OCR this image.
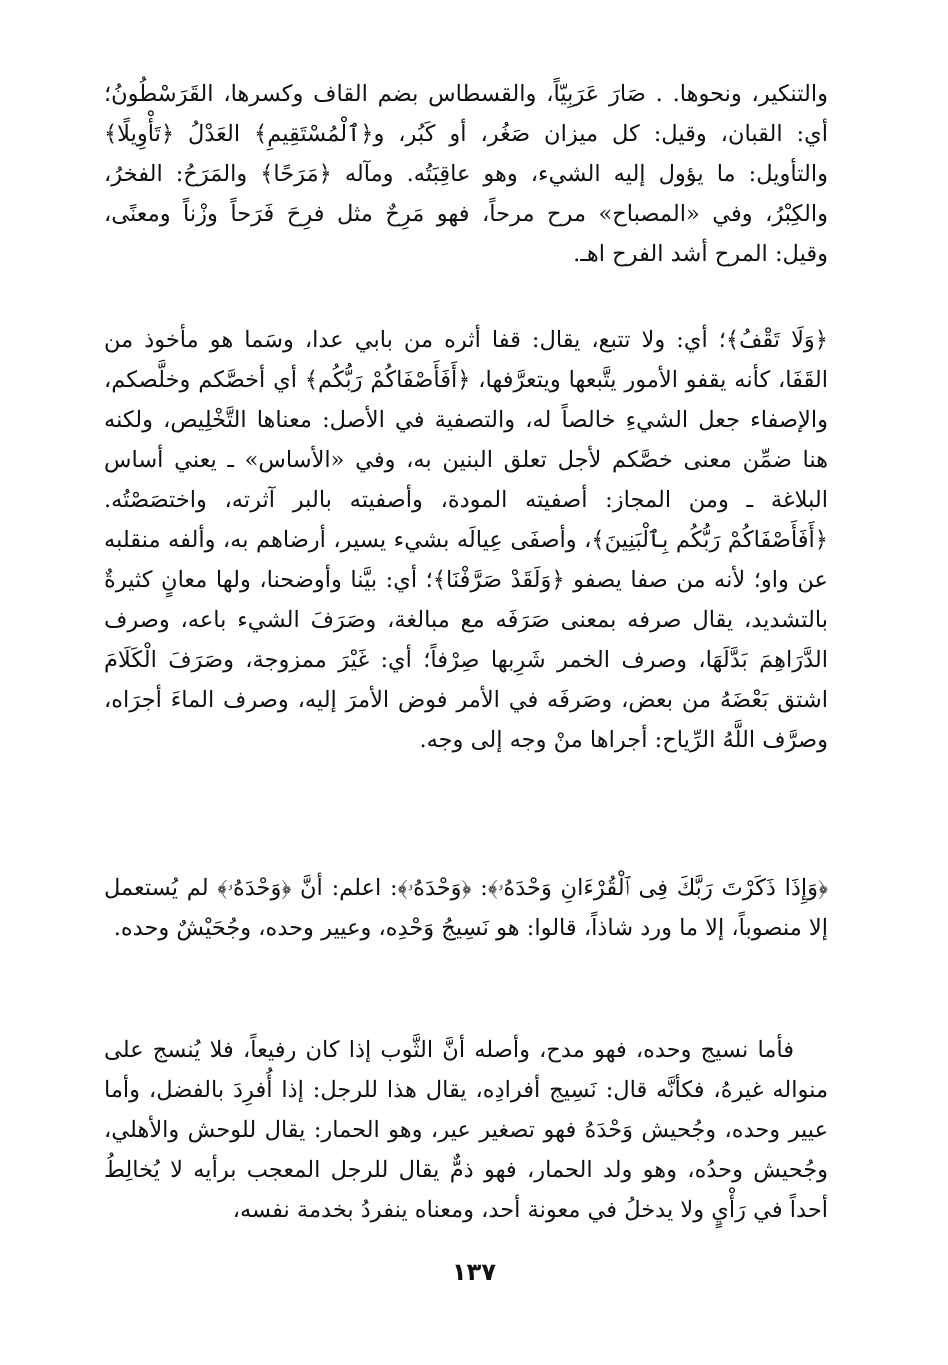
والتنكير، ونحوها. . صَارَ عَرَبِيّاً، والقسطاس بضم القاف وكسرها، القَرَسْطُونُ؛ أي: القبان، وقيل: كل ميزان صَغُر، أو كَبُر، و﴿ٱلْمُسْتَقِيمِ﴾ العَدْلُ ﴿تَأْوِيلًا﴾ والتأويل: ما يؤول إليه الشيء، وهو عاقِبَتُه. ومآله ﴿مَرَحًا﴾ والمَرَحُ: الفخرُ، والكِبْرُ، وفي «المصباح» مرح مرحاً، فهو مَرِحٌ مثل فرِحَ فَرَحاً وزْناً ومعنًى، وقيل: المرح أشد الفرح اهـ.

﴿وَلَا تَقْفُ﴾؛ أي: ولا تتبع، يقال: قفا أثره من بابي عدا، وسَما هو مأخوذ من القَفَا، كأنه يقفو الأمور يتَّبعها ويتعرَّفها، ﴿أَفَأَصْفَاكُمْ رَبُّكُم﴾ أي أخصَّكم وخلَّصكم، والإصفاء جعل الشيءِ خالصاً له، والتصفية في الأصل: معناها التَّخْلِيص، ولكنه هنا ضمِّن معنى خصَّكم لأجل تعلق البنين به، وفي «الأساس» ـ يعني أساس البلاغة ـ ومن المجاز: أصفيته المودة، وأصفيته بالبر آثرته، واختصَصْتُه. ﴿أَفَأَصْفَاكُمْ رَبُّكُم بِٱلْبَنِينَ﴾، وأصفَى عِيالَه بشيء يسير، أرضاهم به، وألفه منقلبه عن واو؛ لأنه من صفا يصفو ﴿وَلَقَدْ صَرَّفْنَا﴾؛ أي: بيَّنا وأوضحنا، ولها معانٍ كثيرةٌ بالتشديد، يقال صرفه بمعنى صَرَفَه مع مبالغة، وصَرَفَ الشيء باعه، وصرف الدَّرَاهِمَ بَدَّلَهَا، وصرف الخمر شَرِبها صِرْفاً؛ أي: غَيْرَ ممزوجة، وصَرَفَ الْكَلَامَ اشتق بَعْضَهُ من بعض، وصَرفَه في الأمر فوض الأمرَ إليه، وصرف الماءَ أجرَاه، وصرَّف اللَّهُ الرِّياح: أجراها منْ وجه إلى وجه.

﴿وَإِذَا ذَكَرْتَ رَبَّكَ فِى ٱلْقُرْءَانِ وَحْدَهُۥ﴾: ﴿وَحْدَهُۥ﴾: اعلم: أنَّ ﴿وَحْدَهُۥ﴾ لم يُستعمل إلا منصوباً، إلا ما ورد شاذاً، قالوا: هو نَسِيجُ وَحْدِه، وعيير وحده، وجُحَيْشٌ وحده.

فأما نسيج وحده، فهو مدح، وأصله أنَّ الثَّوب إذا كان رفيعاً، فلا يُنسج على منواله غيرهُ، فكأنَّه قال: نَسِيج أفرادِه، يقال هذا للرجل: إذا أُفرِدَ بالفضل، وأما عيير وحده، وجُحيش وَحْدَهُ فهو تصغير عير، وهو الحمار: يقال للوحش والأهلي، وجُحيش وحدُه، وهو ولد الحمار، فهو ذمٌّ يقال للرجل المعجب برأيه لا يُخالِطُ أحداً في رَأْيٍ ولا يدخلُ في معونة أحد، ومعناه ينفردُ بخدمة نفسه،

١٣٧
